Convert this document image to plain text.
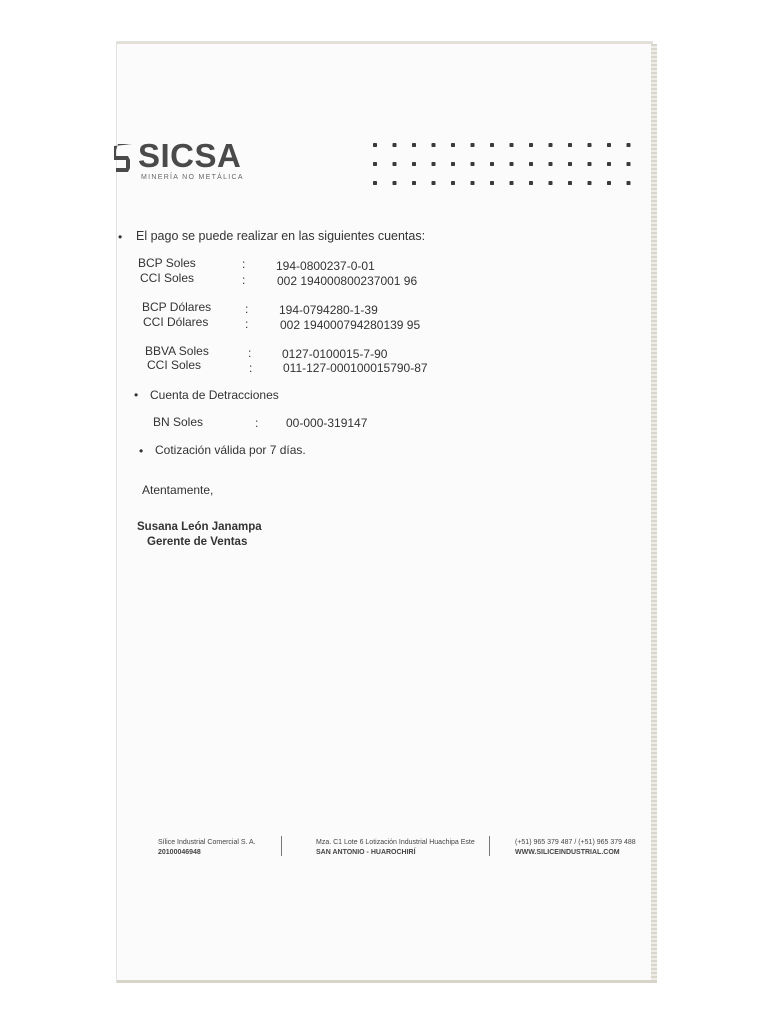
SICSA
MINERÍA NO METÁLICA
• El pago se puede realizar en las siguientes cuentas:
BCP Soles	:	194-0800237-0-01
CCI Soles	:	002 194000800237001 96
BCP Dólares	:	194-0794280-1-39
CCI Dólares	:	002 194000794280139 95
BBVA Soles	:	0127-0100015-7-90
CCI Soles	:	011-127-000100015790-87
• Cuenta de Detracciones
BN Soles	: 00-000-319147
• Cotización válida por 7 días.
Atentamente,
Susana León Janampa
Gerente de Ventas
Sílice Industrial Comercial S. A.
20100046948
Mza. C1 Lote 6 Lotización Industrial Huachipa Este
SAN ANTONIO - HUAROCHIRÍ
(+51) 965 379 487 / (+51) 965 379 488
WWW.SILICEINDUSTRIAL.COM
